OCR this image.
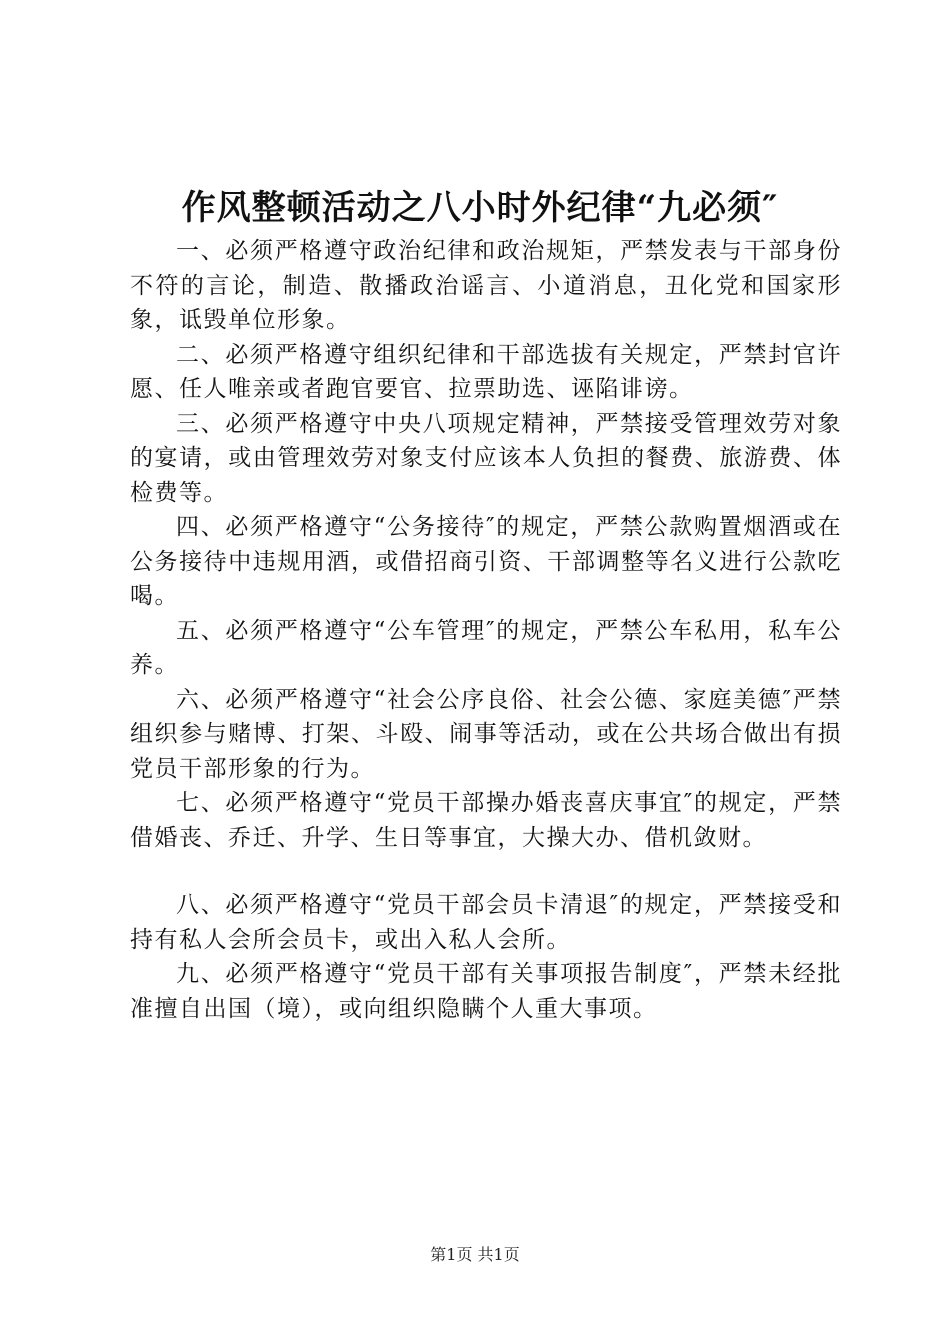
作风整顿活动之八小时外纪律“九必须″

一、必须严格遵守政治纪律和政治规矩，严禁发表与干部身份不符的言论，制造、散播政治谣言、小道消息，丑化党和国家形象，诋毁单位形象。

二、必须严格遵守组织纪律和干部选拔有关规定，严禁封官许愿、任人唯亲或者跑官要官、拉票助选、诬陷诽谤。

三、必须严格遵守中央八项规定精神，严禁接受管理效劳对象的宴请，或由管理效劳对象支付应该本人负担的餐费、旅游费、体检费等。

四、必须严格遵守“公务接待″的规定，严禁公款购置烟酒或在公务接待中违规用酒，或借招商引资、干部调整等名义进行公款吃喝。

五、必须严格遵守“公车管理″的规定，严禁公车私用，私车公养。

六、必须严格遵守“社会公序良俗、社会公德、家庭美德″严禁组织参与赌博、打架、斗殴、闹事等活动，或在公共场合做出有损党员干部形象的行为。

七、必须严格遵守“党员干部操办婚丧喜庆事宜″的规定，严禁借婚丧、乔迁、升学、生日等事宜，大操大办、借机敛财。

八、必须严格遵守“党员干部会员卡清退″的规定，严禁接受和持有私人会所会员卡，或出入私人会所。

九、必须严格遵守“党员干部有关事项报告制度″，严禁未经批准擅自出国（境），或向组织隐瞒个人重大事项。

第1页 共1页
